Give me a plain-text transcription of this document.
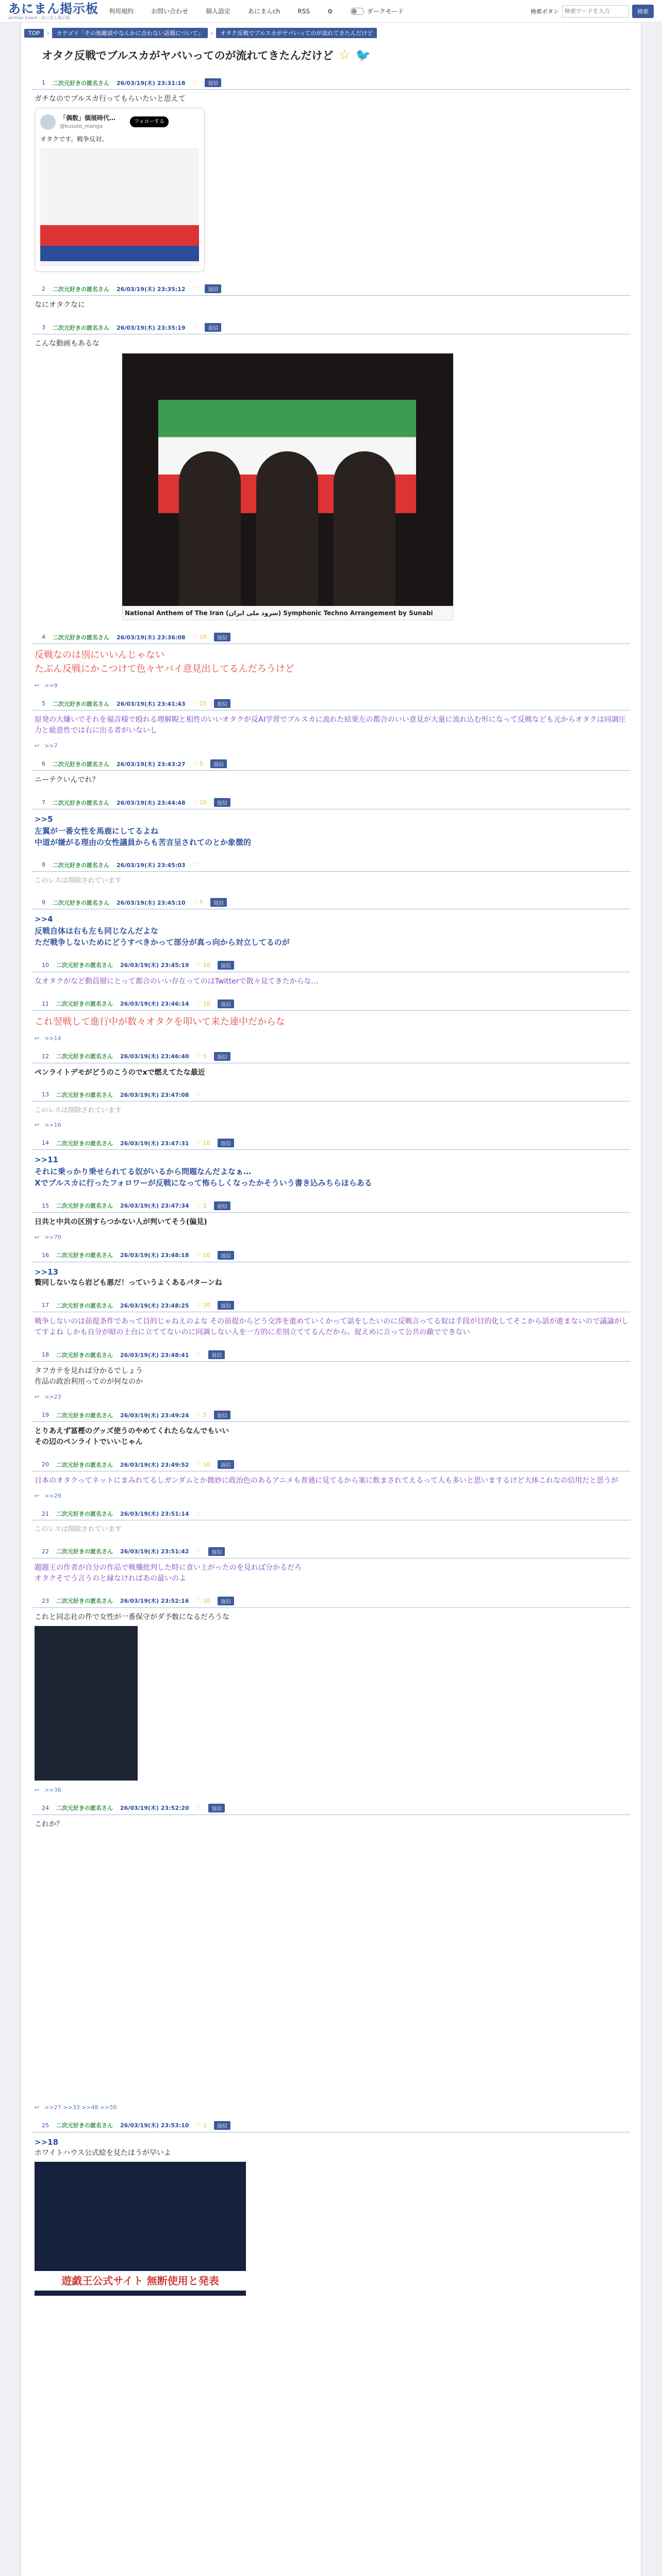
あにまん掲示板
animan board - あにまん掲示板
利用規約	お問い合わせ	個人設定	あにまんch	RSS	⚙	ダークモード	検索ボタン
検索ワードを入力	検索
TOP	›	カテゴリ「その他雑談やなんかに合わない話題について」	›	オタク反戦でブルスカがヤバいってのが流れてきたんだけど
オタク反戦でブルスカがヤバいってのが流れてきたんだけど ☆ 🐦
1 二次元好きの匿名さん 26/03/19(木) 23:31:18 ♡	返信
ガチなのでブルスカ行ってもらいたいと思えて
「偶数」個展時代…
@kusuto_manga
フォローする
オタクです。戦争反対。
2 二次元好きの匿名さん 26/03/19(木) 23:35:12 ♡	返信
なにオタクなに
3 二次元好きの匿名さん 26/03/19(木) 23:35:19 ♡	返信
こんな動画もあるな
National Anthem of The Iran (سرود ملی ایران) Symphonic Techno Arrangement by Sunabi
4 二次元好きの匿名さん 26/03/19(木) 23:36:08 ♡ 10	返信
反戦なのは別にいいんじゃない
たぶん反戦にかこつけて色々ヤバイ意見出してるんだろうけど
↩ >>9
5 二次元好きの匿名さん 26/03/19(木) 23:41:43 ♡ 15	返信
原発の大嫌いでそれを福音様で殴れる理解睨と相性のいいオタクが反AI学習でブルスカに流れた結果左の都合のいい意見が大量に流れ込む形になって反戦なども元からオタクは同調圧力と総意性では右に出る者がいないし
↩ >>7
6 二次元好きの匿名さん 26/03/19(木) 23:43:27 ♡ 5	返信
ニーテクいんでれ？
7 二次元好きの匿名さん 26/03/19(木) 23:44:48 ♡ 10	返信
>>5
左翼が一番女性を馬鹿にしてるよね
中道が嫌がる理由の女性議員からも苦言呈されてのとか象徴的
8 二次元好きの匿名さん 26/03/19(木) 23:45:03 ♡
このレスは削除されています
9 二次元好きの匿名さん 26/03/19(木) 23:45:10 ♡ 5	返信
>>4
反戦自体は右も左も同じなんだよな
ただ戦争しないためにどうすべきかって部分が真っ向から対立してるのが
10 二次元好きの匿名さん 26/03/19(木) 23:45:19 ♡ 10	返信
女オタクがなど動員層にとって都合のいい存在ってのはTwitterで散々見てきたからな…
11 二次元好きの匿名さん 26/03/19(木) 23:46:14 ♡ 10	返信
これ翌戦して進行中が数々オタクを叩いて来た連中だからな
↩ >>14
12 二次元好きの匿名さん 26/03/19(木) 23:46:40 ♡ 5	返信
ペンライトデモがどうのこうのでxで燃えてたな最近
13 二次元好きの匿名さん 26/03/19(木) 23:47:08 ♡
このレスは削除されています
↩ >>16
14 二次元好きの匿名さん 26/03/19(木) 23:47:31 ♡ 10	返信
>>11
それに乗っかり乗せられてる奴がいるから問題なんだよなぁ…
Xでブルスカに行ったフォロワーが反戦になって怖らしくなったかそういう書き込みちらほらある
15 二次元好きの匿名さん 26/03/19(木) 23:47:34 ♡ 2	返信
日共と中共の区別すらつかない人が判いてそう(偏見)
↩ >>70
16 二次元好きの匿名さん 26/03/19(木) 23:48:18 ♡ 10	返信
>>13
贅同しないなら岩ども悪だ！っていうよくあるパターンね
17 二次元好きの匿名さん 26/03/19(木) 23:48:25 ♡ 10	返信
戦争しないのは前提条件であって目的じゃねえのよな その前提からどう交渉を進めていくかって話をしたいのに反戦言ってる奴は手段が目的化してそこから話が進まないので議論がしてすよね しかも自分が暗の土台に立ててないのに同調しない人を一方的に差別立ててるんだから。捉えめに言って公共の敵でできない
18 二次元好きの匿名さん 26/03/19(木) 23:48:41 ♡	返信
タフカテを見れば分かるでしょう
作品の政治利用ってのが何なのか
↩ >>23
19 二次元好きの匿名さん 26/03/19(木) 23:49:24 ♡ 5	返信
とりあえず冨樫のグッズ使うのやめてくれたらなんでもいい
その辺のペンライトでいいじゃん
20 二次元好きの匿名さん 26/03/19(木) 23:49:52 ♡ 10	返信
日本のオタクってネットにまみれてるしガンダムとか微妙に政治色のあるアニメも普通に見てるから案に飲まされてえるって人も多いと思いまするけど大体これなの信用だと思うが
↩ >>29
21 二次元好きの匿名さん 26/03/19(木) 23:51:14 ♡
このレスは削除されています
22 二次元好きの匿名さん 26/03/19(木) 23:51:42 ♡	返信
題題王の作者が自分の作品で戦殲批判した時に食い上がったのを見れば分かるだろ
オタクそでう言うのと縁なければあの最いのよ
23 二次元好きの匿名さん 26/03/19(木) 23:52:16 ♡ 10	返信
これと同志社の件で女性が一番保守がダ予数になるだろうな
↩ >>36
24 二次元好きの匿名さん 26/03/19(木) 23:52:20 ♡	返信
これか？
↩ >>27 >>33 >>48 >>50
25 二次元好きの匿名さん 26/03/19(木) 23:53:10 ♡ 1	返信
>>18
ホワイトハウス公式絵を見たほうが早いよ
遊戯王公式サイト 無断使用と発表
